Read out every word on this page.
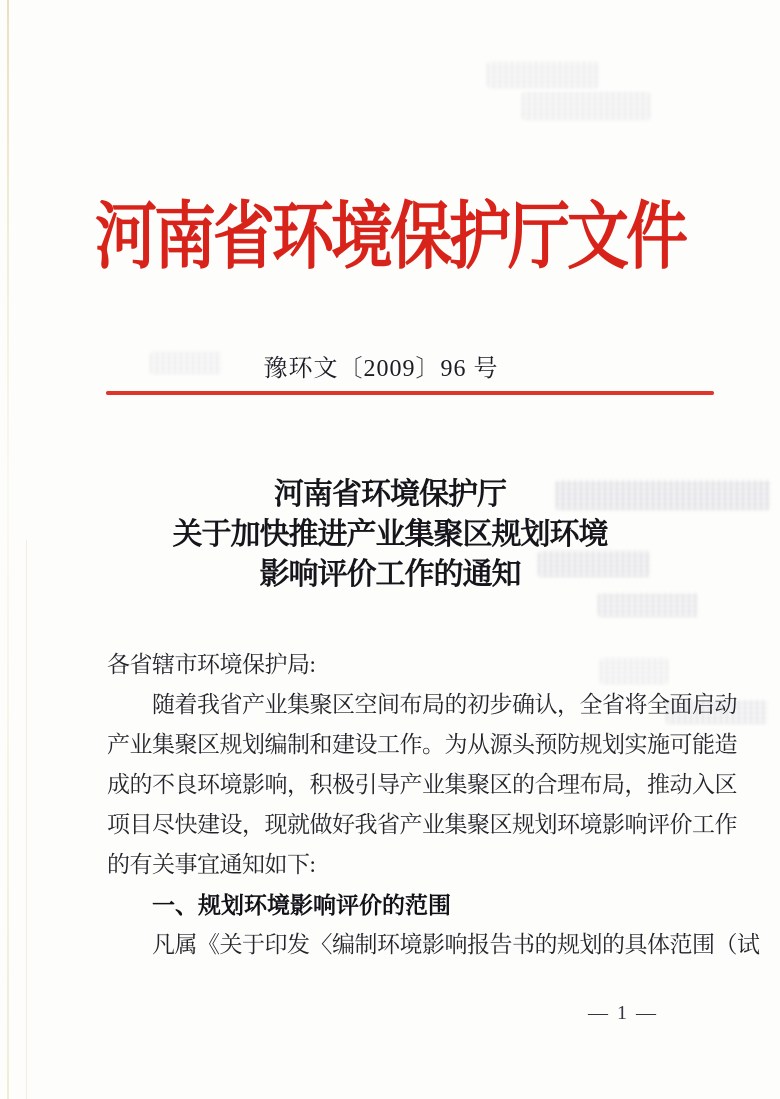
河南省环境保护厅文件
豫环文〔2009〕96 号
河南省环境保护厅
关于加快推进产业集聚区规划环境
影响评价工作的通知
各省辖市环境保护局:
随着我省产业集聚区空间布局的初步确认，全省将全面启动
产业集聚区规划编制和建设工作。为从源头预防规划实施可能造
成的不良环境影响，积极引导产业集聚区的合理布局，推动入区
项目尽快建设，现就做好我省产业集聚区规划环境影响评价工作
的有关事宜通知如下:
一、规划环境影响评价的范围
凡属《关于印发〈编制环境影响报告书的规划的具体范围（试
— 1 —
